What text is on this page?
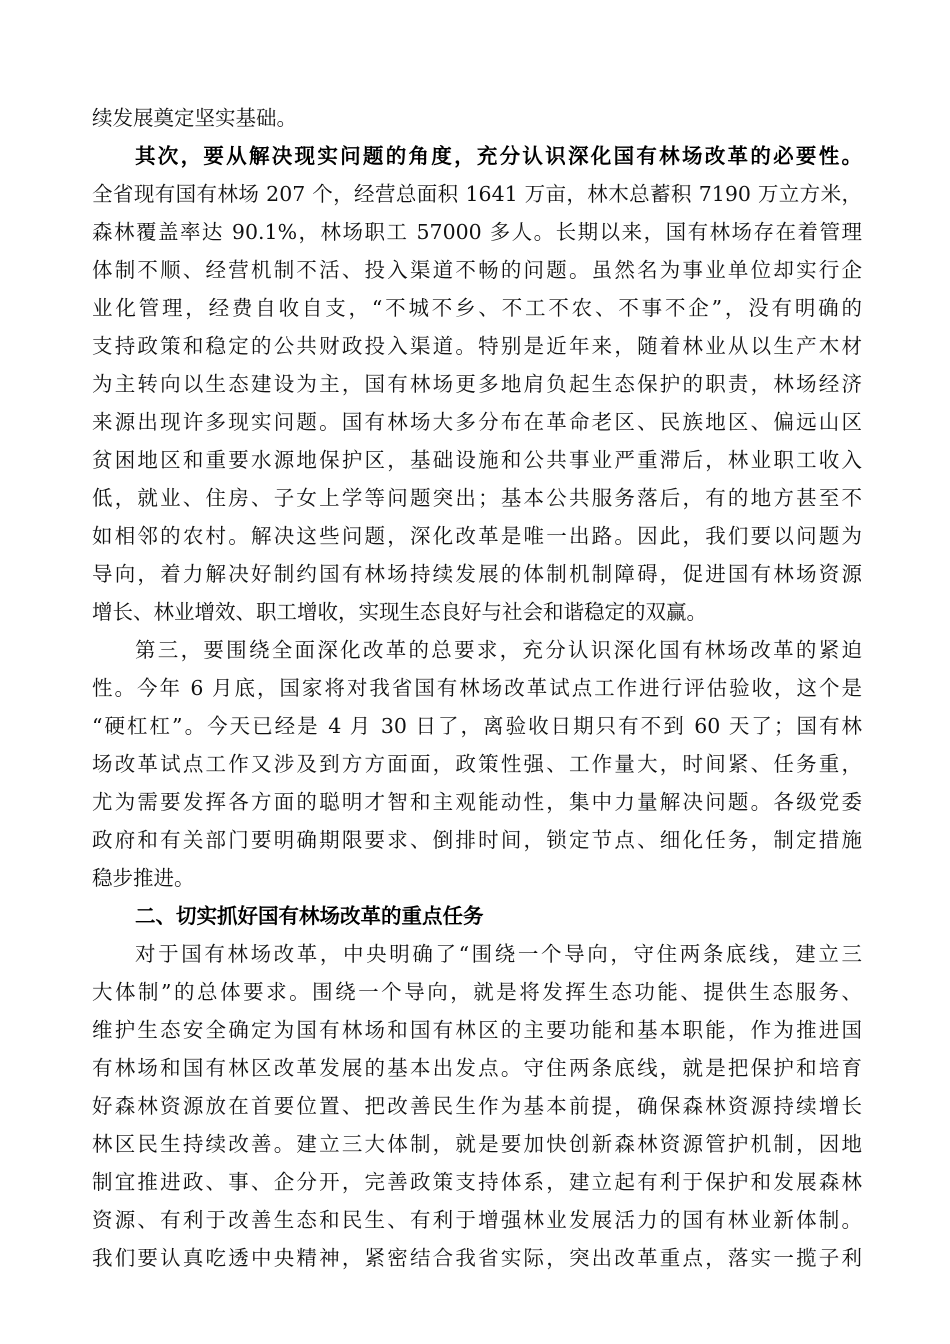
续发展奠定坚实基础。
其次，要从解决现实问题的角度，充分认识深化国有林场改革的必要性。
全省现有国有林场 207 个，经营总面积 1641 万亩，林木总蓄积 7190 万立方米，
森林覆盖率达 90.1%，林场职工 57000 多人。长期以来，国有林场存在着管理
体制不顺、经营机制不活、投入渠道不畅的问题。虽然名为事业单位却实行企
业化管理，经费自收自支，“不城不乡、不工不农、不事不企”，没有明确的
支持政策和稳定的公共财政投入渠道。特别是近年来，随着林业从以生产木材
为主转向以生态建设为主，国有林场更多地肩负起生态保护的职责，林场经济
来源出现许多现实问题。国有林场大多分布在革命老区、民族地区、偏远山区
贫困地区和重要水源地保护区，基础设施和公共事业严重滞后，林业职工收入
低，就业、住房、子女上学等问题突出；基本公共服务落后，有的地方甚至不
如相邻的农村。解决这些问题，深化改革是唯一出路。因此，我们要以问题为
导向，着力解决好制约国有林场持续发展的体制机制障碍，促进国有林场资源
增长、林业增效、职工增收，实现生态良好与社会和谐稳定的双赢。
第三，要围绕全面深化改革的总要求，充分认识深化国有林场改革的紧迫
性。今年 6 月底，国家将对我省国有林场改革试点工作进行评估验收，这个是
“硬杠杠”。今天已经是 4 月 30 日了，离验收日期只有不到 60 天了；国有林
场改革试点工作又涉及到方方面面，政策性强、工作量大，时间紧、任务重，
尤为需要发挥各方面的聪明才智和主观能动性，集中力量解决问题。各级党委
政府和有关部门要明确期限要求、倒排时间，锁定节点、细化任务，制定措施
稳步推进。
二、切实抓好国有林场改革的重点任务
对于国有林场改革，中央明确了“围绕一个导向，守住两条底线，建立三
大体制”的总体要求。围绕一个导向，就是将发挥生态功能、提供生态服务、
维护生态安全确定为国有林场和国有林区的主要功能和基本职能，作为推进国
有林场和国有林区改革发展的基本出发点。守住两条底线，就是把保护和培育
好森林资源放在首要位置、把改善民生作为基本前提，确保森林资源持续增长
林区民生持续改善。建立三大体制，就是要加快创新森林资源管护机制，因地
制宜推进政、事、企分开，完善政策支持体系，建立起有利于保护和发展森林
资源、有利于改善生态和民生、有利于增强林业发展活力的国有林业新体制。
我们要认真吃透中央精神，紧密结合我省实际，突出改革重点，落实一揽子利
